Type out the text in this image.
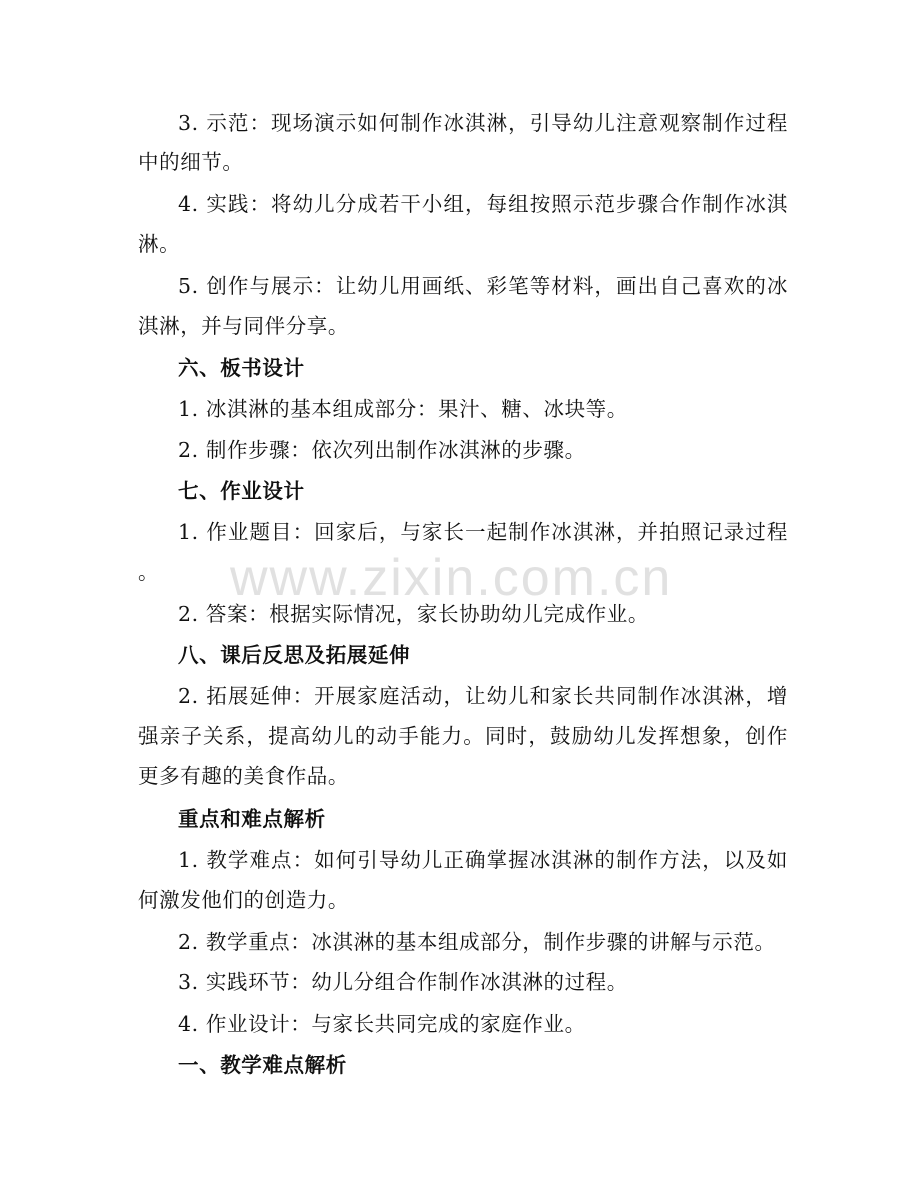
3. 示范：现场演示如何制作冰淇淋，引导幼儿注意观察制作过程
中的细节。
4. 实践：将幼儿分成若干小组，每组按照示范步骤合作制作冰淇
淋。
5. 创作与展示：让幼儿用画纸、彩笔等材料，画出自己喜欢的冰
淇淋，并与同伴分享。
六、板书设计
1. 冰淇淋的基本组成部分：果汁、糖、冰块等。
2. 制作步骤：依次列出制作冰淇淋的步骤。
七、作业设计
1. 作业题目：回家后，与家长一起制作冰淇淋，并拍照记录过程
。
2. 答案：根据实际情况，家长协助幼儿完成作业。
八、课后反思及拓展延伸
2. 拓展延伸：开展家庭活动，让幼儿和家长共同制作冰淇淋，增
强亲子关系，提高幼儿的动手能力。同时，鼓励幼儿发挥想象，创作
更多有趣的美食作品。
重点和难点解析
1. 教学难点：如何引导幼儿正确掌握冰淇淋的制作方法，以及如
何激发他们的创造力。
2. 教学重点：冰淇淋的基本组成部分，制作步骤的讲解与示范。
3. 实践环节：幼儿分组合作制作冰淇淋的过程。
4. 作业设计：与家长共同完成的家庭作业。
一、教学难点解析
www.zixin.com.cn
